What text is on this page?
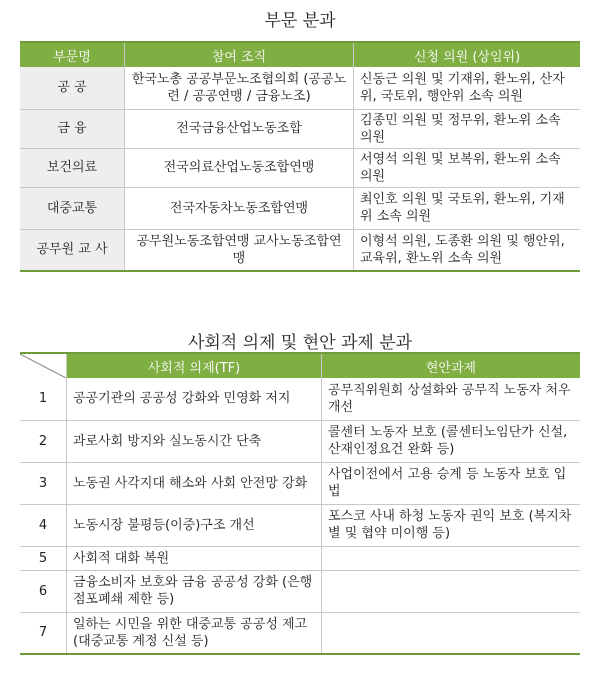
부문 분과
부문명	참여 조직	신청 의원 (상임위)
공 공	한국노총 공공부문노조협의회 (공공노련 / 공공연맹 / 금융노조)	신동근 의원 및 기재위, 환노위, 산자위, 국토위, 행안위 소속 의원
금 융	전국금융산업노동조합	김종민 의원 및 정무위, 환노위 소속 의원
보건의료	전국의료산업노동조합연맹	서영석 의원 및 보복위, 환노위 소속 의원
대중교통	전국자동차노동조합연맹	최인호 의원 및 국토위, 환노위, 기재위 소속 의원
공무원 교 사	공무원노동조합연맹 교사노동조합연맹	이형석 의원, 도종환 의원 및 행안위, 교육위, 환노위 소속 의원
사회적 의제 및 현안 과제 분과
	사회적 의제(TF)	현안과제
1	공공기관의 공공성 강화와 민영화 저지	공무직위원회 상설화와 공무직 노동자 처우 개선
2	과로사회 방지와 실노동시간 단축	콜센터 노동자 보호 (콜센터노임단가 신설, 산재인정요건 완화 등)
3	노동권 사각지대 해소와 사회 안전망 강화	사업이전에서 고용 승계 등 노동자 보호 입법
4	노동시장 불평등(이중)구조 개선	포스코 사내 하청 노동자 권익 보호 (복지차별 및 협약 미이행 등)
5	사회적 대화 복원	
6	금융소비자 보호와 금융 공공성 강화 (은행점포폐쇄 제한 등)	
7	일하는 시민을 위한 대중교통 공공성 제고 (대중교통 계정 신설 등)	
